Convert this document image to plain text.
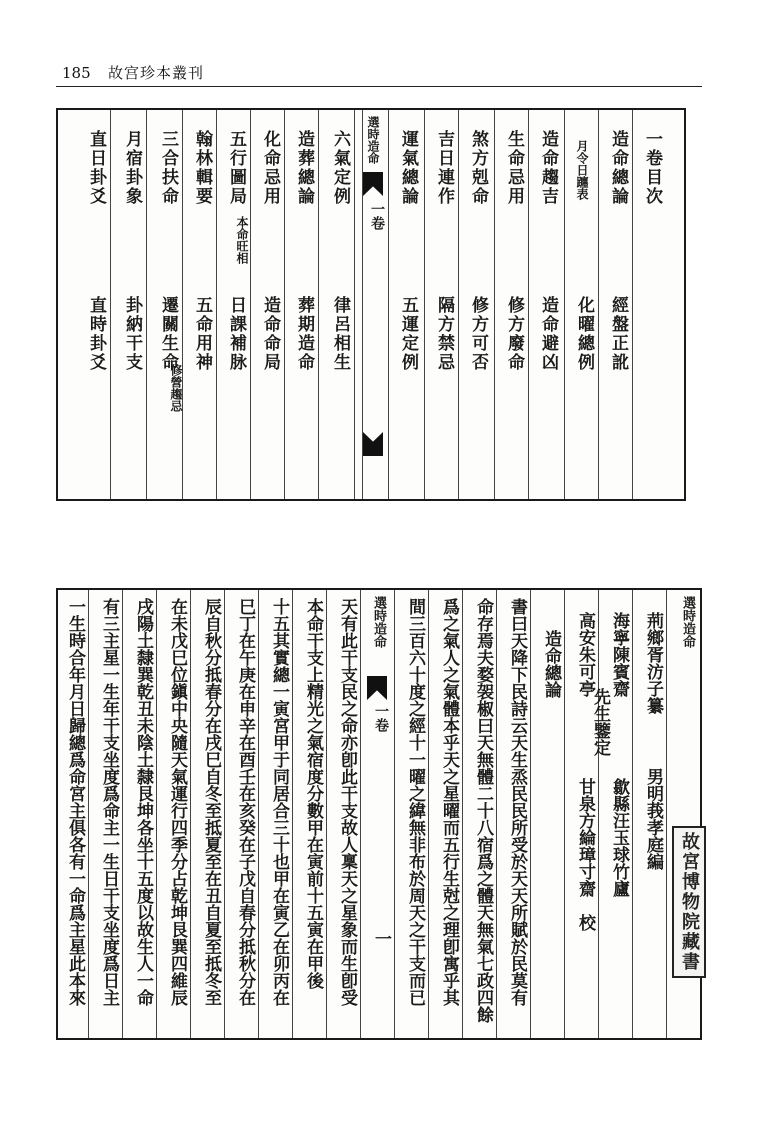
185 故宫珍本叢刊
一卷目次
造命總論
經盤正訛
月令日躔表
化曜總例
造命趨吉
造命避凶
生命忌用
修方廢命
煞方剋命
修方可否
吉日連作
隔方禁忌
運氣總論
五運定例
選時造命
一卷
六氣定例
律呂相生
造葬總論
葬期造命
化命忌用
造命命局
五行圖局
本命旺相
日課補脉
翰林輯要
五命用神
三合扶命
遷關生命
修營趨忌
月宿卦象
卦納干支
直日卦爻
直時卦爻
選時造命
故宮博物院藏書
荊鄉胥汸子纂
男明莪孝庭編
海寧陳賓齋
歙縣汪玉球竹廬
先生鑒定
高安朱可亭
甘泉方綸璋寸齋　校
造命總論
書曰天降下民詩云天生烝民民所受於天天所賦於民莫有
命存焉夫婺袈椒曰天無體二十八宿爲之體天無氣七政四餘
爲之氣人之氣體本乎天之星曜而五行生尅之理卽寓乎其
間三百六十度之經十一曜之緯無非布於周天之干支而已
選時造命
一卷
一
天有此干支民之命亦卽此干支故人稟天之星象而生卽受
本命干支上精光之氣宿度分數甲在寅前十五寅在甲後
十五其實總一寅宮甲于同居合三十也甲在寅乙在卯丙在
巳丁在午庚在申辛在酉壬在亥癸在子戊自春分抵秋分在
辰自秋分抵春分在戌巳自冬至抵夏至在丑自夏至抵冬至
在未戊巳位鎭中央隨天氣運行四季分占乾坤艮巽四維辰
戌陽土隸巽乾丑未陰土隸艮坤各坐十五度以故生人一命
有三主星一生年干支坐度爲命主一生日干支坐度爲日主
一生時合年月日歸總爲命宮主俱各有一命爲主星此本來
